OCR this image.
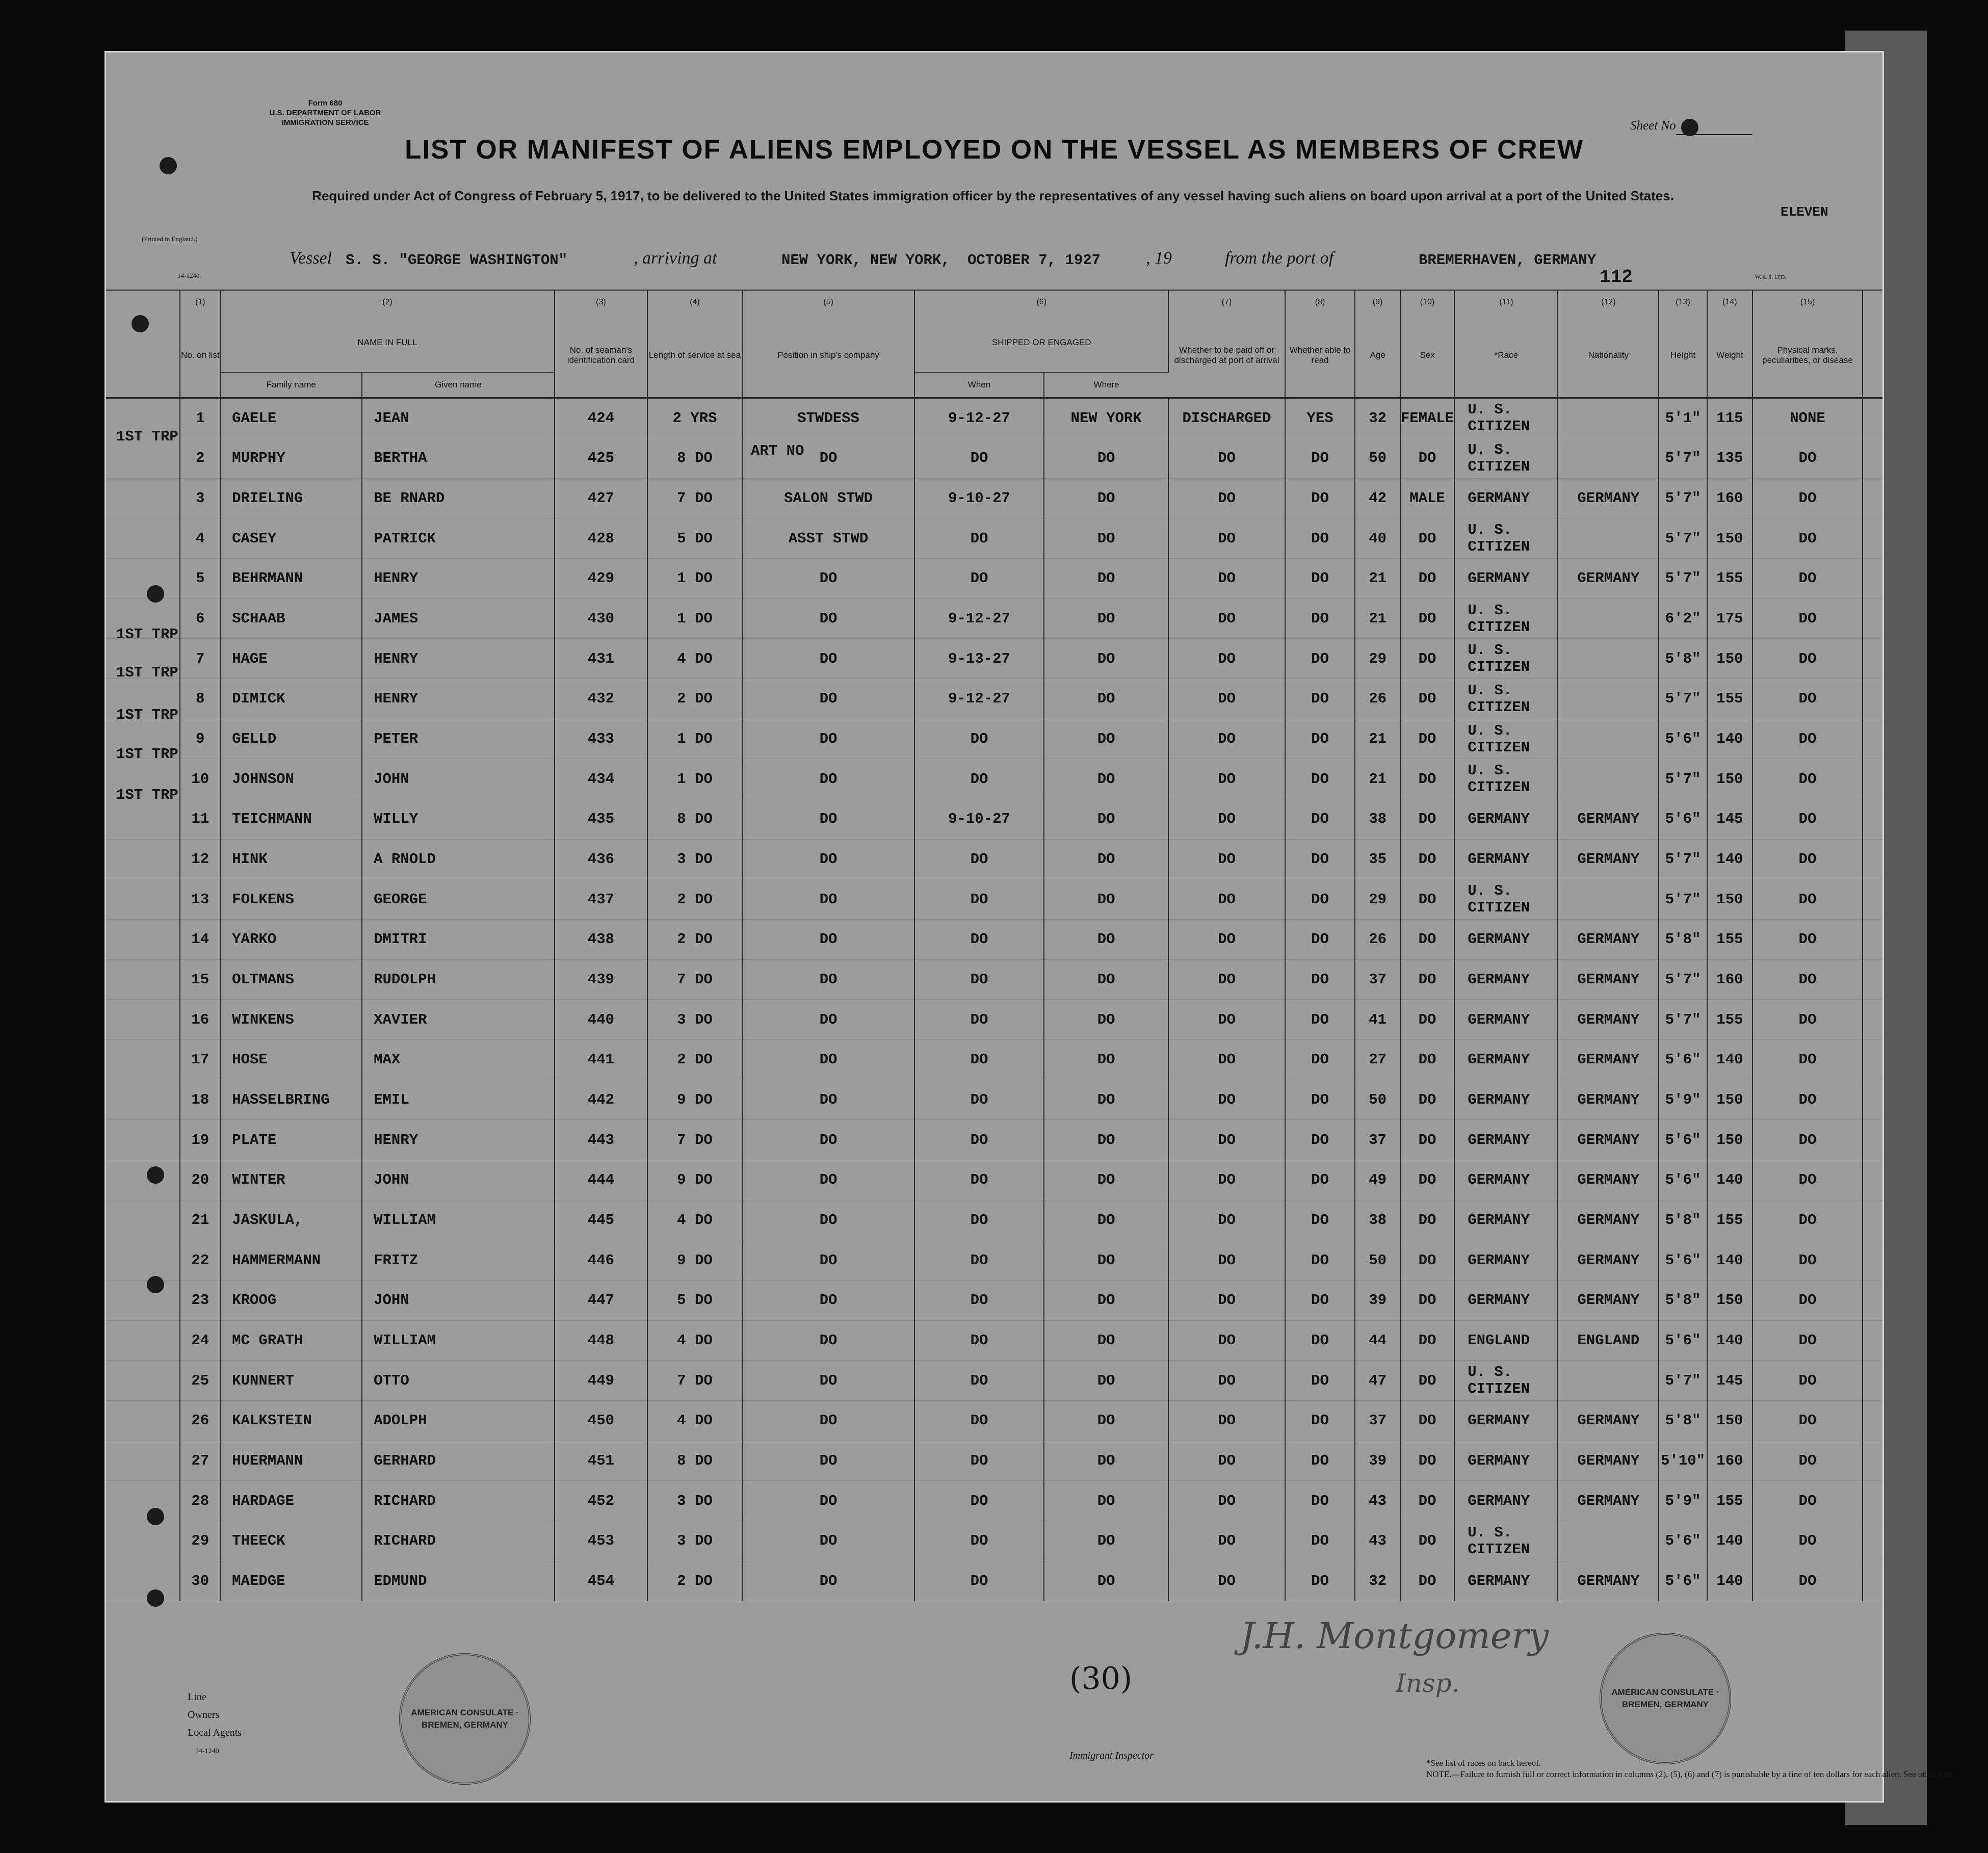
Form 680
U.S. DEPARTMENT OF LABOR
IMMIGRATION SERVICE
LIST OR MANIFEST OF ALIENS EMPLOYED ON THE VESSEL AS MEMBERS OF CREW
Required under Act of Congress of February 5, 1917, to be delivered to the United States immigration officer by the representatives of any vessel having such aliens on board upon arrival at a port of the United States.
Sheet No
ELEVEN
(Printed in England.)
14-1240.
Vessel S. S. "GEORGE WASHINGTON"	, arriving at	NEW YORK, NEW YORK, OCTOBER 7, 1927	, 19	from the port of	BREMERHAVEN, GERMANY
112	W. & S. LTD.
	(1)	(2)		(3)	(4)	(5)	(6)		(7)	(8)	(9)	(10)	(11)	(12)	(13)	(14)	(15)	
	No. on list	NAME IN FULL		No. of seaman's identification card	Length of service at sea	Position in ship's company	SHIPPED OR ENGAGED		Whether to be paid off or discharged at port of arrival	Whether able to read	Age	Sex	*Race	Nationality	Height	Weight	Physical marks, peculiarities, or disease	
		Family name	Given name				When	Where										
	1	GAELE	JEAN	424	2 YRS	STWDESS	9-12-27	NEW YORK	DISCHARGED	YES	32	FEMALE	U. S. CITIZEN		5'1"	115	NONE	
	2	MURPHY	BERTHA	425	8 DO	DO	DO	DO	DO	DO	50	DO	U. S. CITIZEN		5'7"	135	DO	
	3	DRIELING	BE RNARD	427	7 DO	SALON STWD	9-10-27	DO	DO	DO	42	MALE	GERMANY	GERMANY	5'7"	160	DO	
	4	CASEY	PATRICK	428	5 DO	ASST STWD	DO	DO	DO	DO	40	DO	U. S. CITIZEN		5'7"	150	DO	
	5	BEHRMANN	HENRY	429	1 DO	DO	DO	DO	DO	DO	21	DO	GERMANY	GERMANY	5'7"	155	DO	
	6	SCHAAB	JAMES	430	1 DO	DO	9-12-27	DO	DO	DO	21	DO	U. S. CITIZEN		6'2"	175	DO	
	7	HAGE	HENRY	431	4 DO	DO	9-13-27	DO	DO	DO	29	DO	U. S. CITIZEN		5'8"	150	DO	
	8	DIMICK	HENRY	432	2 DO	DO	9-12-27	DO	DO	DO	26	DO	U. S. CITIZEN		5'7"	155	DO	
	9	GELLD	PETER	433	1 DO	DO	DO	DO	DO	DO	21	DO	U. S. CITIZEN		5'6"	140	DO	
	10	JOHNSON	JOHN	434	1 DO	DO	DO	DO	DO	DO	21	DO	U. S. CITIZEN		5'7"	150	DO	
	11	TEICHMANN	WILLY	435	8 DO	DO	9-10-27	DO	DO	DO	38	DO	GERMANY	GERMANY	5'6"	145	DO	
	12	HINK	A RNOLD	436	3 DO	DO	DO	DO	DO	DO	35	DO	GERMANY	GERMANY	5'7"	140	DO	
	13	FOLKENS	GEORGE	437	2 DO	DO	DO	DO	DO	DO	29	DO	U. S. CITIZEN		5'7"	150	DO	
	14	YARKO	DMITRI	438	2 DO	DO	DO	DO	DO	DO	26	DO	GERMANY	GERMANY	5'8"	155	DO	
	15	OLTMANS	RUDOLPH	439	7 DO	DO	DO	DO	DO	DO	37	DO	GERMANY	GERMANY	5'7"	160	DO	
	16	WINKENS	XAVIER	440	3 DO	DO	DO	DO	DO	DO	41	DO	GERMANY	GERMANY	5'7"	155	DO	
	17	HOSE	MAX	441	2 DO	DO	DO	DO	DO	DO	27	DO	GERMANY	GERMANY	5'6"	140	DO	
	18	HASSELBRING	EMIL	442	9 DO	DO	DO	DO	DO	DO	50	DO	GERMANY	GERMANY	5'9"	150	DO	
	19	PLATE	HENRY	443	7 DO	DO	DO	DO	DO	DO	37	DO	GERMANY	GERMANY	5'6"	150	DO	
	20	WINTER	JOHN	444	9 DO	DO	DO	DO	DO	DO	49	DO	GERMANY	GERMANY	5'6"	140	DO	
	21	JASKULA,	WILLIAM	445	4 DO	DO	DO	DO	DO	DO	38	DO	GERMANY	GERMANY	5'8"	155	DO	
	22	HAMMERMANN	FRITZ	446	9 DO	DO	DO	DO	DO	DO	50	DO	GERMANY	GERMANY	5'6"	140	DO	
	23	KROOG	JOHN	447	5 DO	DO	DO	DO	DO	DO	39	DO	GERMANY	GERMANY	5'8"	150	DO	
	24	MC GRATH	WILLIAM	448	4 DO	DO	DO	DO	DO	DO	44	DO	ENGLAND	ENGLAND	5'6"	140	DO	
	25	KUNNERT	OTTO	449	7 DO	DO	DO	DO	DO	DO	47	DO	U. S. CITIZEN		5'7"	145	DO	
	26	KALKSTEIN	ADOLPH	450	4 DO	DO	DO	DO	DO	DO	37	DO	GERMANY	GERMANY	5'8"	150	DO	
	27	HUERMANN	GERHARD	451	8 DO	DO	DO	DO	DO	DO	39	DO	GERMANY	GERMANY	5'10"	160	DO	
	28	HARDAGE	RICHARD	452	3 DO	DO	DO	DO	DO	DO	43	DO	GERMANY	GERMANY	5'9"	155	DO	
	29	THEECK	RICHARD	453	3 DO	DO	DO	DO	DO	DO	43	DO	U. S. CITIZEN		5'6"	140	DO	
	30	MAEDGE	EDMUND	454	2 DO	DO	DO	DO	DO	DO	32	DO	GERMANY	GERMANY	5'6"	140	DO	
ART NO
1ST TRP
1ST TRP
1ST TRP
1ST TRP
1ST TRP
1ST TRP
Line
Owners
Local Agents
14-1240.	Immigrant Inspector
(30)
J.H. Montgomery
Insp.
AMERICAN CONSULATE · BREMEN, GERMANY
AMERICAN CONSULATE · BREMEN, GERMANY
*See list of races on back hereof.
NOTE.—Failure to furnish full or correct information in columns (2), (5), (6) and (7) is punishable by a fine of ten dollars for each alien. See other side.
